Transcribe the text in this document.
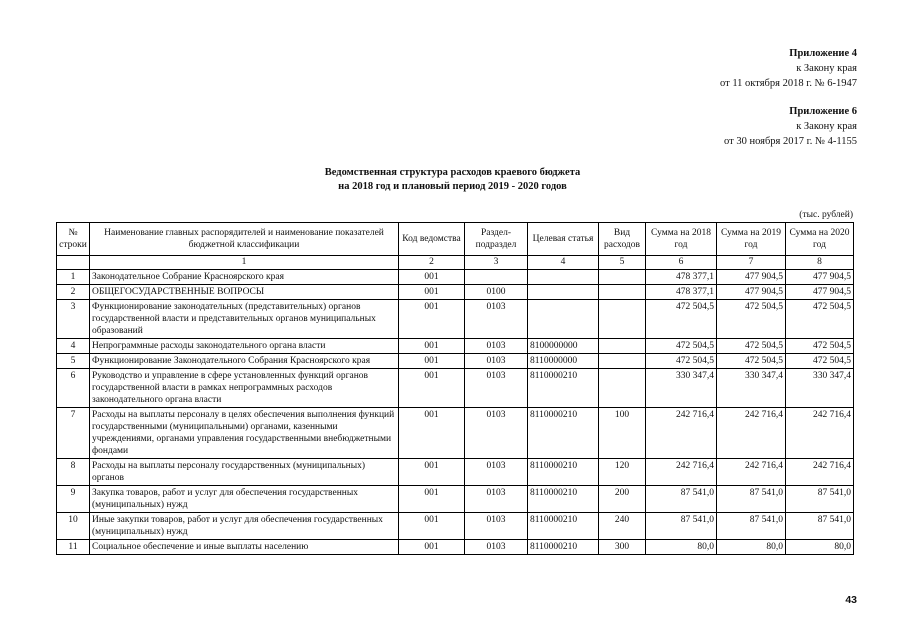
Приложение 4
к Закону края
от 11 октября 2018 г. № 6-1947
Приложение 6
к Закону края
от 30 ноября 2017 г. № 4-1155
Ведомственная структура расходов краевого бюджета
на 2018 год и плановый период 2019 - 2020 годов
(тыс. рублей)
№ строки	Наименование главных распорядителей и наименование показателей бюджетной классификации	Код ведомства	Раздел-подраздел	Целевая статья	Вид расходов	Сумма на 2018 год	Сумма на 2019 год	Сумма на 2020 год
	1	2	3	4	5	6	7	8
1	Законодательное Собрание Красноярского края	001				478 377,1	477 904,5	477 904,5
2	ОБЩЕГОСУДАРСТВЕННЫЕ ВОПРОСЫ	001	0100			478 377,1	477 904,5	477 904,5
3	Функционирование законодательных (представительных) органов государственной власти и представительных органов муниципальных образований	001	0103			472 504,5	472 504,5	472 504,5
4	Непрограммные расходы законодательного органа власти	001	0103	8100000000		472 504,5	472 504,5	472 504,5
5	Функционирование Законодательного Собрания Красноярского края	001	0103	8110000000		472 504,5	472 504,5	472 504,5
6	Руководство и управление в сфере установленных функций органов государственной власти в рамках непрограммных расходов законодательного органа власти	001	0103	8110000210		330 347,4	330 347,4	330 347,4
7	Расходы на выплаты персоналу в целях обеспечения выполнения функций государственными (муниципальными) органами, казенными учреждениями, органами управления государственными внебюджетными фондами	001	0103	8110000210	100	242 716,4	242 716,4	242 716,4
8	Расходы на выплаты персоналу государственных (муниципальных) органов	001	0103	8110000210	120	242 716,4	242 716,4	242 716,4
9	Закупка товаров, работ и услуг для обеспечения государственных (муниципальных) нужд	001	0103	8110000210	200	87 541,0	87 541,0	87 541,0
10	Иные закупки товаров, работ и услуг для обеспечения государственных (муниципальных) нужд	001	0103	8110000210	240	87 541,0	87 541,0	87 541,0
11	Социальное обеспечение и иные выплаты населению	001	0103	8110000210	300	80,0	80,0	80,0
43
